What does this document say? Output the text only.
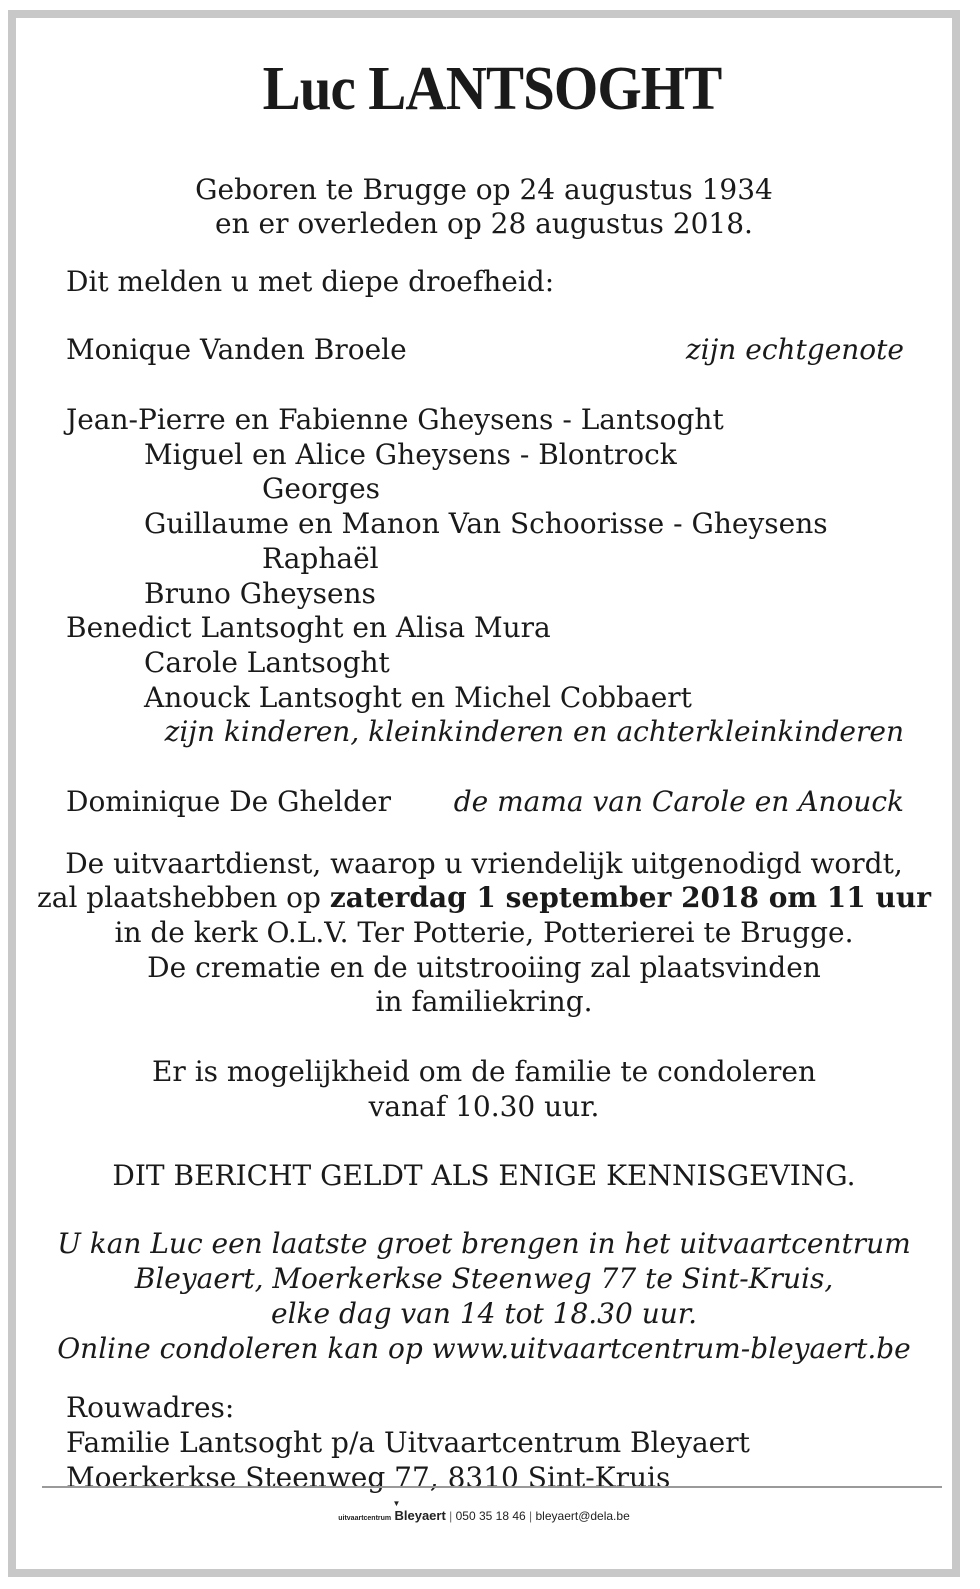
Luc LANTSOGHT
Geboren te Brugge op 24 augustus 1934
en er overleden op 28 augustus 2018.
Dit melden u met diepe droefheid:
Monique Vanden Broele	zijn echtgenote
Jean-Pierre en Fabienne Gheysens - Lantsoght
Miguel en Alice Gheysens - Blontrock
Georges
Guillaume en Manon Van Schoorisse - Gheysens
Raphaël
Bruno Gheysens
Benedict Lantsoght en Alisa Mura
Carole Lantsoght
Anouck Lantsoght en Michel Cobbaert
zijn kinderen, kleinkinderen en achterkleinkinderen
Dominique De Ghelder de mama van Carole en Anouck
De uitvaartdienst, waarop u vriendelijk uitgenodigd wordt,
zal plaatshebben op zaterdag 1 september 2018 om 11 uur
in de kerk O.L.V. Ter Potterie, Potterierei te Brugge.
De crematie en de uitstrooiing zal plaatsvinden
in familiekring.
Er is mogelijkheid om de familie te condoleren
vanaf 10.30 uur.
DIT BERICHT GELDT ALS ENIGE KENNISGEVING.
U kan Luc een laatste groet brengen in het uitvaartcentrum
Bleyaert, Moerkerkse Steenweg 77 te Sint-Kruis,
elke dag van 14 tot 18.30 uur.
Online condoleren kan op www.uitvaartcentrum-bleyaert.be
Rouwadres:
Familie Lantsoght p/a Uitvaartcentrum Bleyaert
Moerkerkse Steenweg 77, 8310 Sint-Kruis
uitvaartcentrum
▼
Bleyaert | 050 35 18 46 | bleyaert@dela.be
